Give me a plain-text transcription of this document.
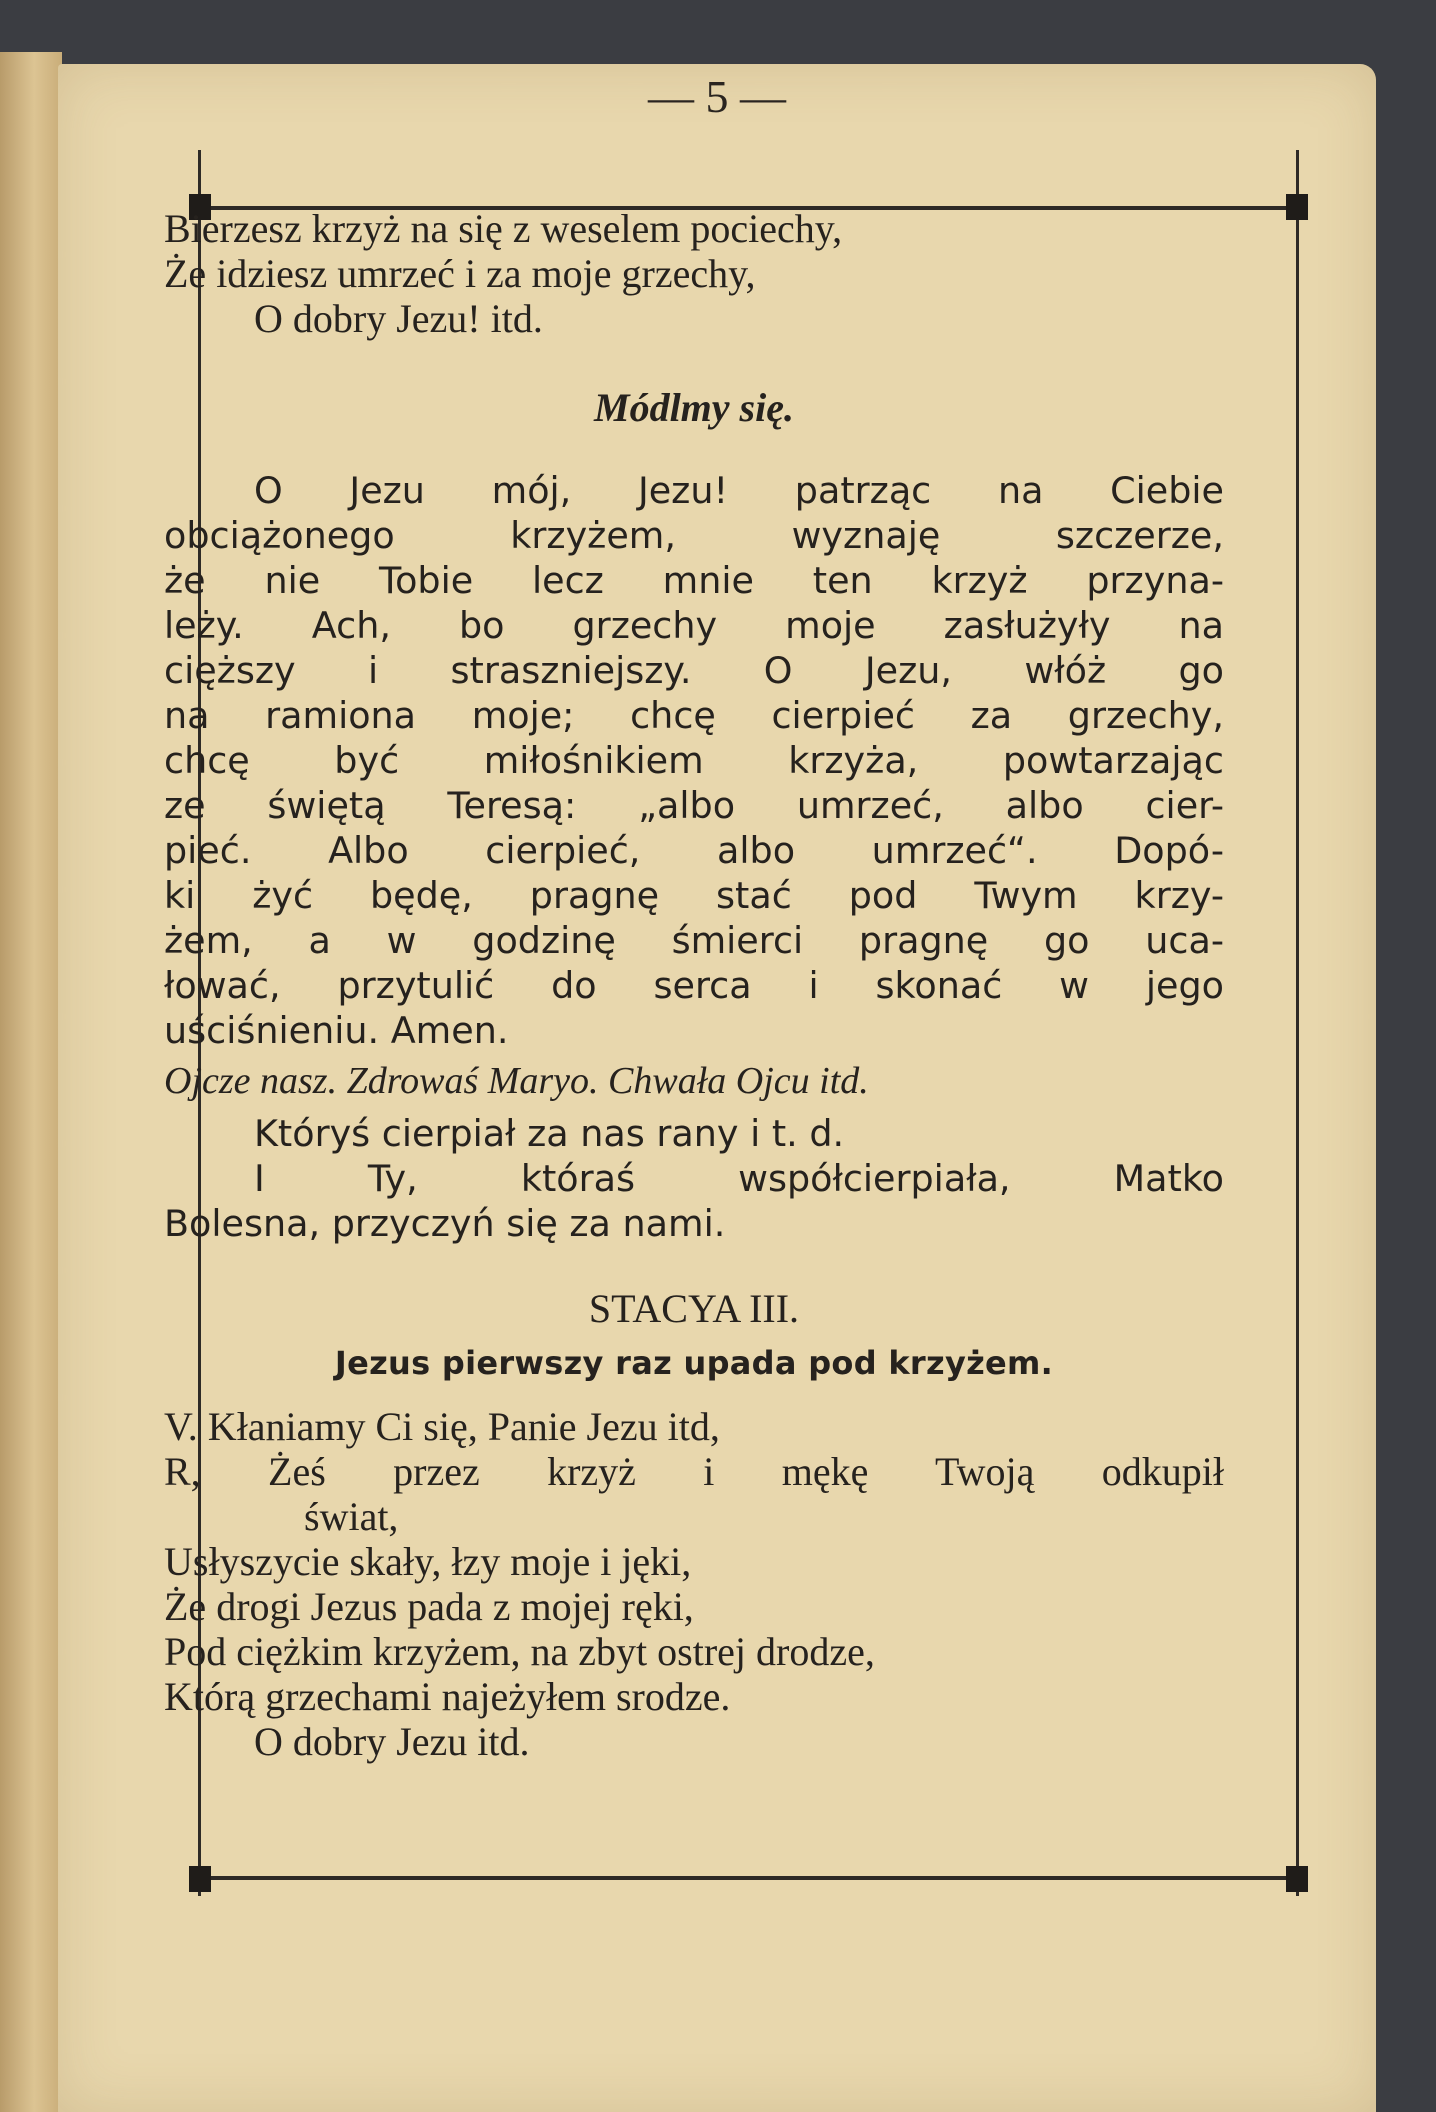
— 5 —
Bierzesz krzyż na się z weselem pociechy,
Że idziesz umrzeć i za moje grzechy,
O dobry Jezu! itd.
Módlmy się.
O Jezu mój, Jezu! patrząc na Ciebie
obciążonego krzyżem, wyznaję szczerze,
że nie Tobie lecz mnie ten krzyż przyna-
leży. Ach, bo grzechy moje zasłużyły na
cięższy i straszniejszy. O Jezu, włóż go
na ramiona moje; chcę cierpieć za grzechy,
chcę być miłośnikiem krzyża, powtarzając
ze świętą Teresą: „albo umrzeć, albo cier-
pieć. Albo cierpieć, albo umrzeć“. Dopó-
ki żyć będę, pragnę stać pod Twym krzy-
żem, a w godzinę śmierci pragnę go uca-
łować, przytulić do serca i skonać w jego
uściśnieniu. Amen.
Ojcze nasz. Zdrowaś Maryo. Chwała Ojcu itd.
Któryś cierpiał za nas rany i t. d.
I Ty, któraś współcierpiała, Matko
Bolesna, przyczyń się za nami.
STACYA III.
Jezus pierwszy raz upada pod krzyżem.
V. Kłaniamy Ci się, Panie Jezu itd,
R, Żeś przez krzyż i mękę Twoją odkupił
świat,
Usłyszycie skały, łzy moje i jęki,
Że drogi Jezus pada z mojej ręki,
Pod ciężkim krzyżem, na zbyt ostrej drodze,
Którą grzechami najeżyłem srodze.
O dobry Jezu itd.
